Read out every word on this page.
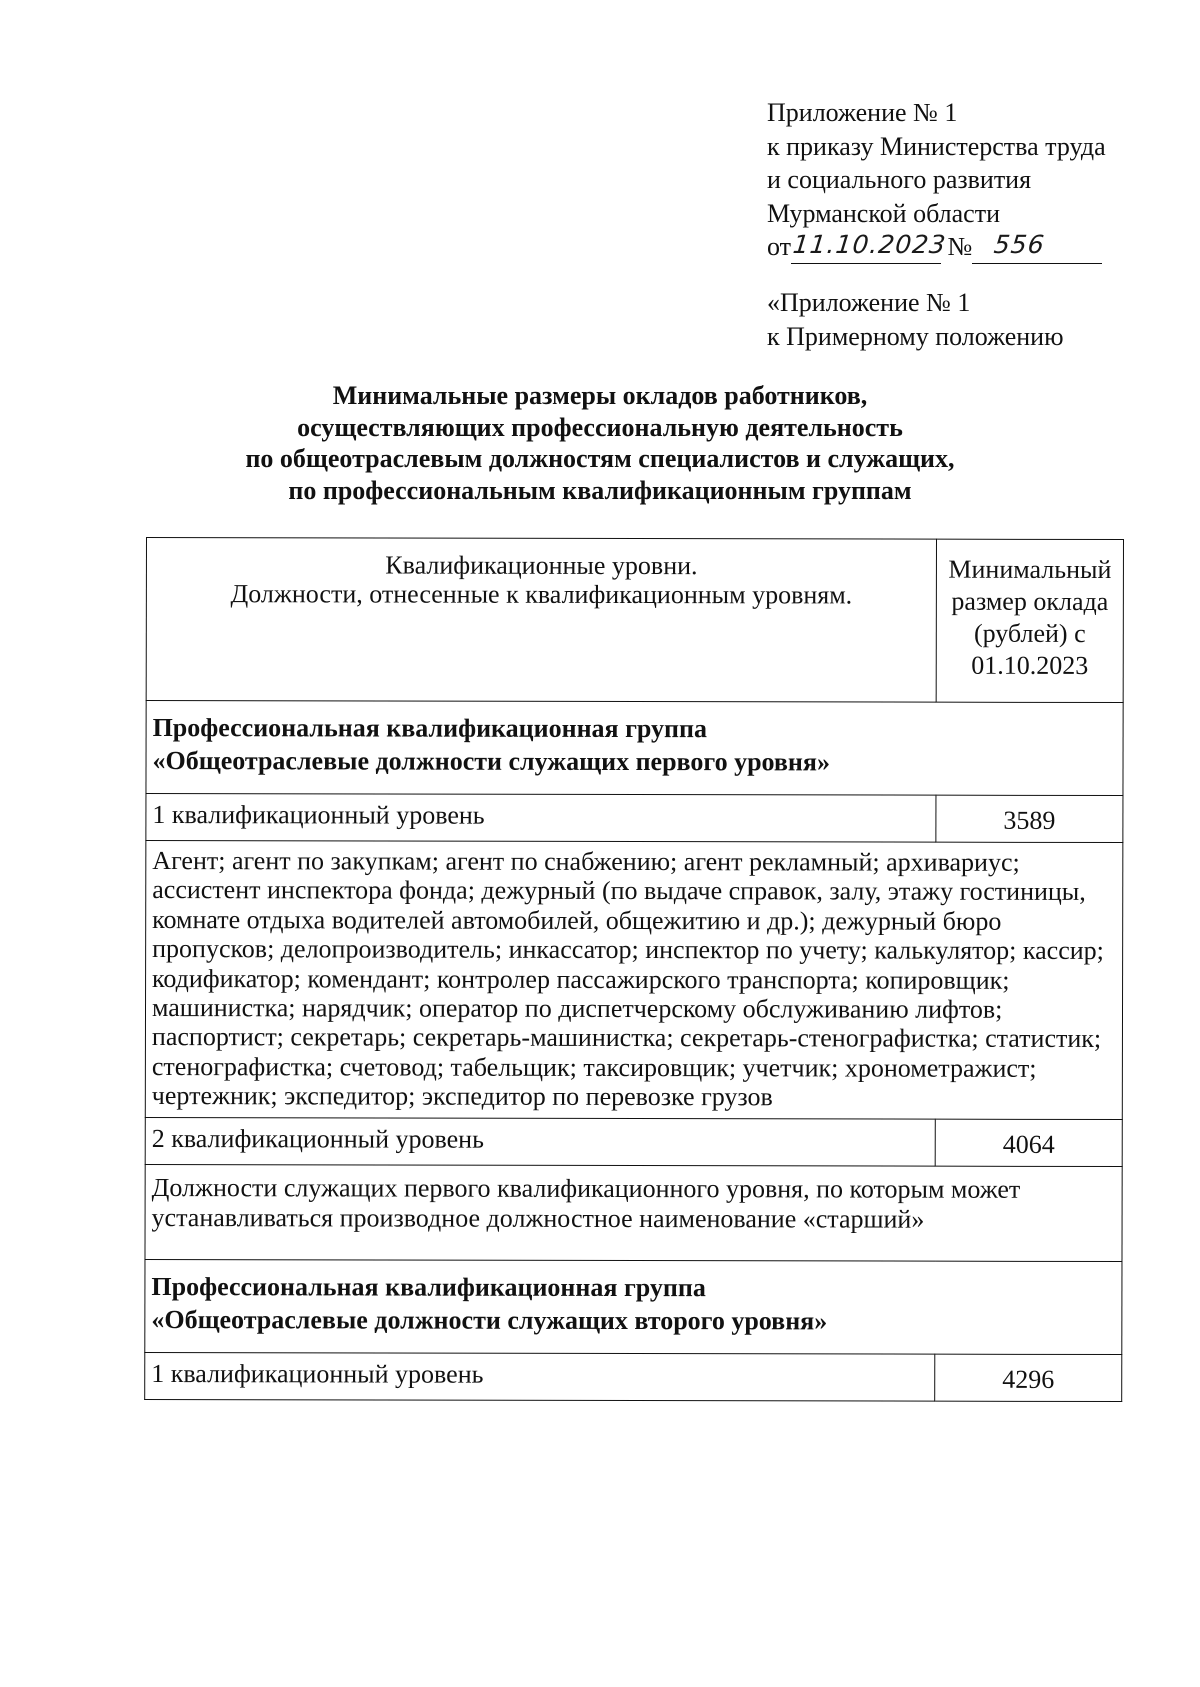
Приложение № 1
к приказу Министерства труда
и социального развития
Мурманской области
от 11.10.2023 № 556
«Приложение № 1
к Примерному положению
Минимальные размеры окладов работников,
осуществляющих профессиональную деятельность
по общеотраслевым должностям специалистов и служащих,
по профессиональным квалификационным группам
Квалификационные уровни.
Должности, отнесенные к квалификационным уровням.	Минимальный размер оклада (рублей) с 01.10.2023

Профессиональная квалификационная группа
«Общеотраслевые должности служащих первого уровня»	

1 квалификационный уровень	3589
Агент; агент по закупкам; агент по снабжению; агент рекламный; архивариус; ассистент инспектора фонда; дежурный (по выдаче справок, залу, этажу гостиницы, комнате отдыха водителей автомобилей, общежитию и др.); дежурный бюро пропусков; делопроизводитель; инкассатор; инспектор по учету; калькулятор; кассир; кодификатор; комендант; контролер пассажирского транспорта; копировщик; машинистка; нарядчик; оператор по диспетчерскому обслуживанию лифтов; паспортист; секретарь; секретарь-машинистка; секретарь-стенографистка; статистик; стенографистка; счетовод; табельщик; таксировщик; учетчик; хронометражист; чертежник; экспедитор; экспедитор по перевозке грузов	
2 квалификационный уровень	4064
Должности служащих первого квалификационного уровня, по которым может устанавливаться производное должностное наименование «старший»	

Профессиональная квалификационная группа
«Общеотраслевые должности служащих второго уровня»	

1 квалификационный уровень	4296
